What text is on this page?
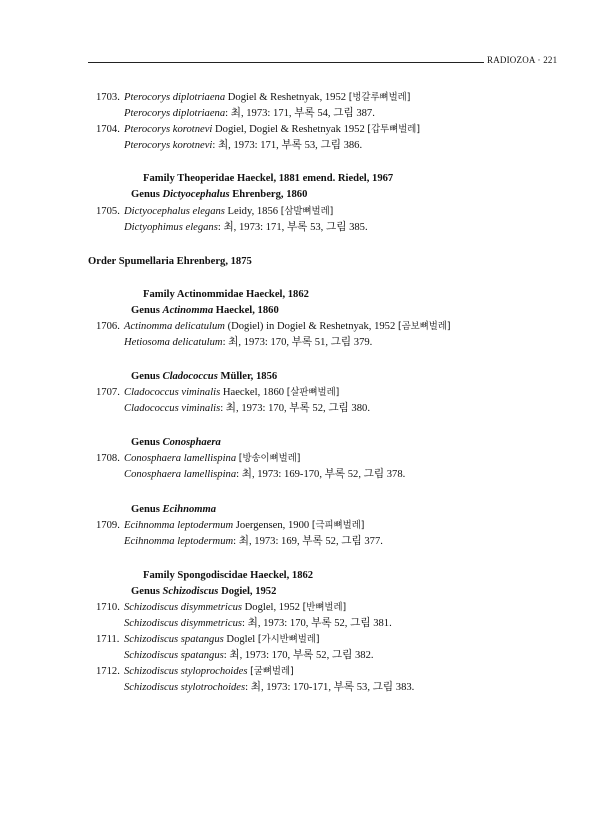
RADIOZOA · 221
1703. Pterocorys diplotriaena Dogiel & Reshetnyak, 1952 [벙갈루뼈벌레]
Pterocorys diplotriaena: 최, 1973: 171, 부록 54, 그림 387.
1704. Pterocorys korotnevi Dogiel, Dogiel & Reshetnyak 1952 [갑투뼈벌레]
Pterocorys korotnevi: 최, 1973: 171, 부록 53, 그림 386.
Family Theoperidae Haeckel, 1881 emend. Riedel, 1967
Genus Dictyocephalus Ehrenberg, 1860
1705. Dictyocephalus elegans Leidy, 1856 [삼발뼈벌레]
Dictyophimus elegans: 최, 1973: 171, 부록 53, 그림 385.
Order Spumellaria Ehrenberg, 1875
Family Actinommidae Haeckel, 1862
Genus Actinomma Haeckel, 1860
1706. Actinomma delicatulum (Dogiel) in Dogiel & Reshetnyak, 1952 [곰보뼈벌레]
Hetiosoma delicatulum: 최, 1973: 170, 부록 51, 그림 379.
Genus Cladococcus Müller, 1856
1707. Cladococcus viminalis Haeckel, 1860 [살판뼈벌레]
Cladococcus viminalis: 최, 1973: 170, 부록 52, 그림 380.
Genus Conosphaera
1708. Conosphaera lamellispina [방송이뼈벌레]
Conosphaera lamellispina: 최, 1973: 169-170, 부록 52, 그림 378.
Genus Ecihnomma
1709. Ecihnomma leptodermum Joergensen, 1900 [극피뼈벌레]
Ecihnomma leptodermum: 최, 1973: 169, 부록 52, 그림 377.
Family Spongodiscidae Haeckel, 1862
Genus Schizodiscus Dogiel, 1952
1710. Schizodiscus disymmetricus Doglel, 1952 [반뼈벌레]
Schizodiscus disymmetricus: 최, 1973: 170, 부록 52, 그림 381.
1711. Schizodiscus spatangus Doglel [가시반뼈벌레]
Schizodiscus spatangus: 최, 1973: 170, 부록 52, 그림 382.
1712. Schizodiscus styloprochoides [굴뼈벌레]
Schizodiscus stylotrochoides: 최, 1973: 170-171, 부록 53, 그림 383.
